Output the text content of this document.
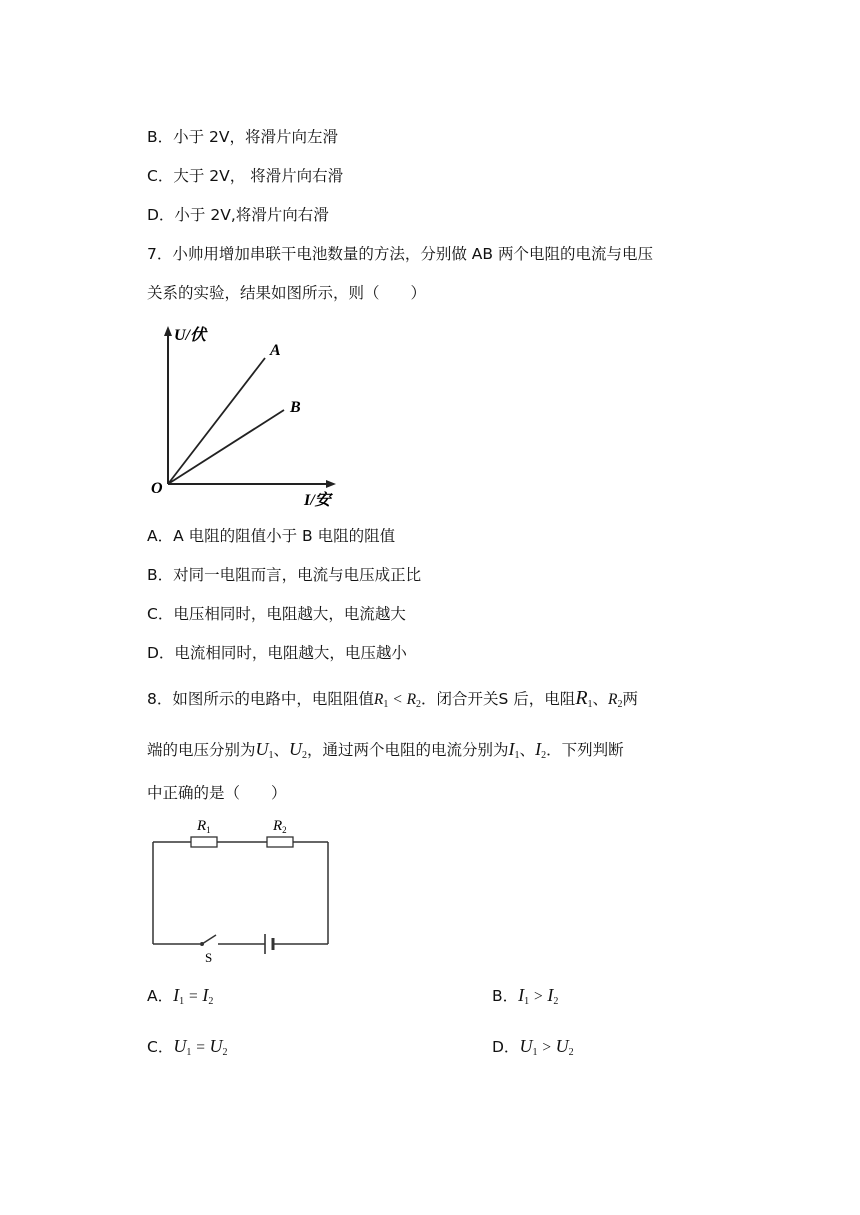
B．小于 2V，将滑片向左滑
C．大于 2V， 将滑片向右滑
D．小于 2V,将滑片向右滑
7．小帅用增加串联干电池数量的方法，分别做 AB 两个电阻的电流与电压
关系的实验，结果如图所示，则（　　）
U/伏
I/安
O
A
B
A．A 电阻的阻值小于 B 电阻的阻值
B．对同一电阻而言，电流与电压成正比
C．电压相同时，电阻越大，电流越大
D．电流相同时，电阻越大，电压越小
8．如图所示的电路中，电阻阻值$R_1 < R_2$．闭合开关S 后，电阻$R_1$、$R_2$两
端的电压分别为$U_1$、$U_2$，通过两个电阻的电流分别为$I_1$、$I_2$．下列判断
中正确的是（　　）
$R_1$	$R_2$
S
A．$I_1 = I_2$	B．$I_1 > I_2$
C．$U_1 = U_2$	D．$U_1 > U_2$
